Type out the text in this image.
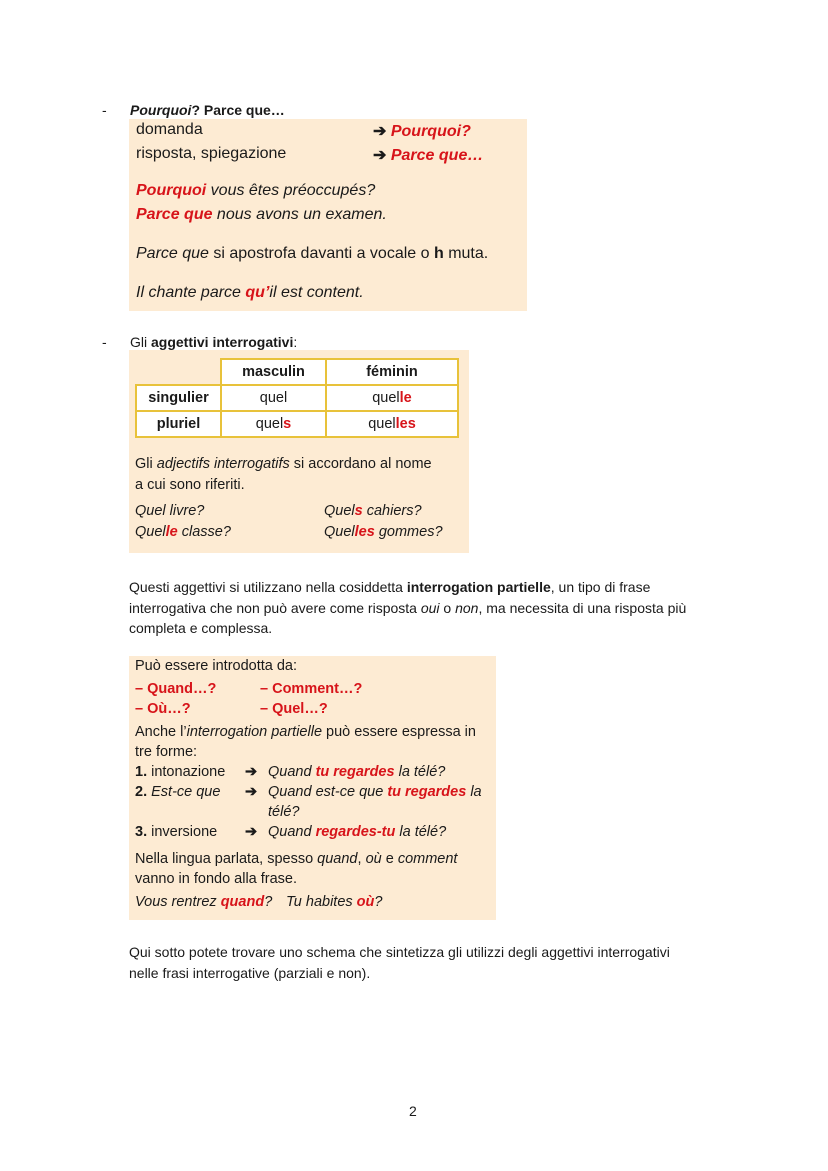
- Pourquoi? Parce que…
domanda	➔ Pourquoi?
risposta, spiegazione	➔ Parce que…
Pourquoi vous êtes préoccupés?
Parce que nous avons un examen.
Parce que si apostrofa davanti a vocale o h muta.
Il chante parce qu’il est content.
- Gli aggettivi interrogativi:
	masculin	féminin
singulier	quel	quelle
pluriel	quels	quelles
Gli adjectifs interrogatifs si accordano al nome
a cui sono riferiti.
Quel livre?	Quels cahiers?
Quelle classe?	Quelles gommes?
Questi aggettivi si utilizzano nella cosiddetta interrogation partielle, un tipo di frase
interrogativa che non può avere come risposta oui o non, ma necessita di una risposta più
completa e complessa.
Può essere introdotta da:
– Quand…?	– Comment…?
– Où…?	– Quel…?
Anche l’interrogation partielle può essere espressa in
tre forme:
1. intonazione ➔ Quand tu regardes la télé?
2. Est-ce que ➔ Quand est-ce que tu regardes la
télé?
3. inversione ➔ Quand regardes-tu la télé?
Nella lingua parlata, spesso quand, où e comment
vanno in fondo alla frase.
Vous rentrez quand? Tu habites où?
Qui sotto potete trovare uno schema che sintetizza gli utilizzi degli aggettivi interrogativi
nelle frasi interrogative (parziali e non).
2
